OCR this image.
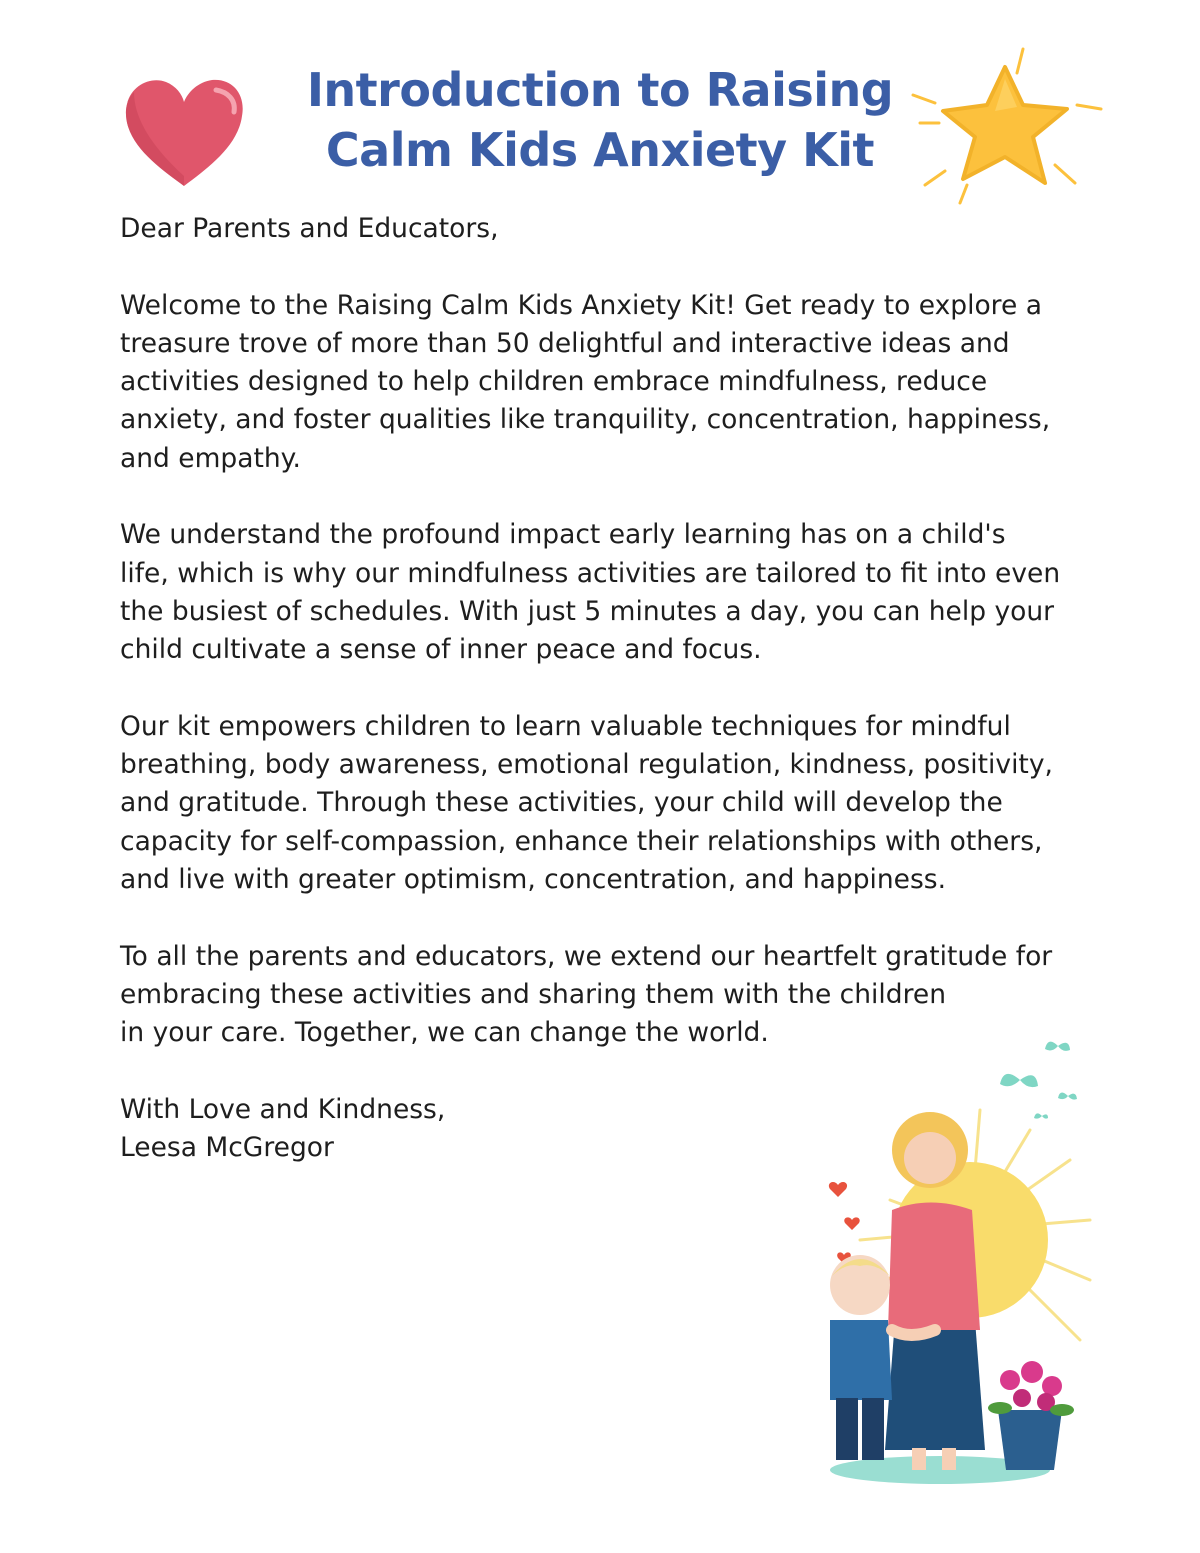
Introduction to Raising
Calm Kids Anxiety Kit

Dear Parents and Educators,

Welcome to the Raising Calm Kids Anxiety Kit! Get ready to explore a
treasure trove of more than 50 delightful and interactive ideas and
activities designed to help children embrace mindfulness, reduce
anxiety, and foster qualities like tranquility, concentration, happiness,
and empathy.

We understand the profound impact early learning has on a child's
life, which is why our mindfulness activities are tailored to fit into even
the busiest of schedules. With just 5 minutes a day, you can help your
child cultivate a sense of inner peace and focus.

Our kit empowers children to learn valuable techniques for mindful
breathing, body awareness, emotional regulation, kindness, positivity,
and gratitude. Through these activities, your child will develop the
capacity for self-compassion, enhance their relationships with others,
and live with greater optimism, concentration, and happiness.

To all the parents and educators, we extend our heartfelt gratitude for
embracing these activities and sharing them with the children
in your care. Together, we can change the world.

With Love and Kindness,

Leesa McGregor
